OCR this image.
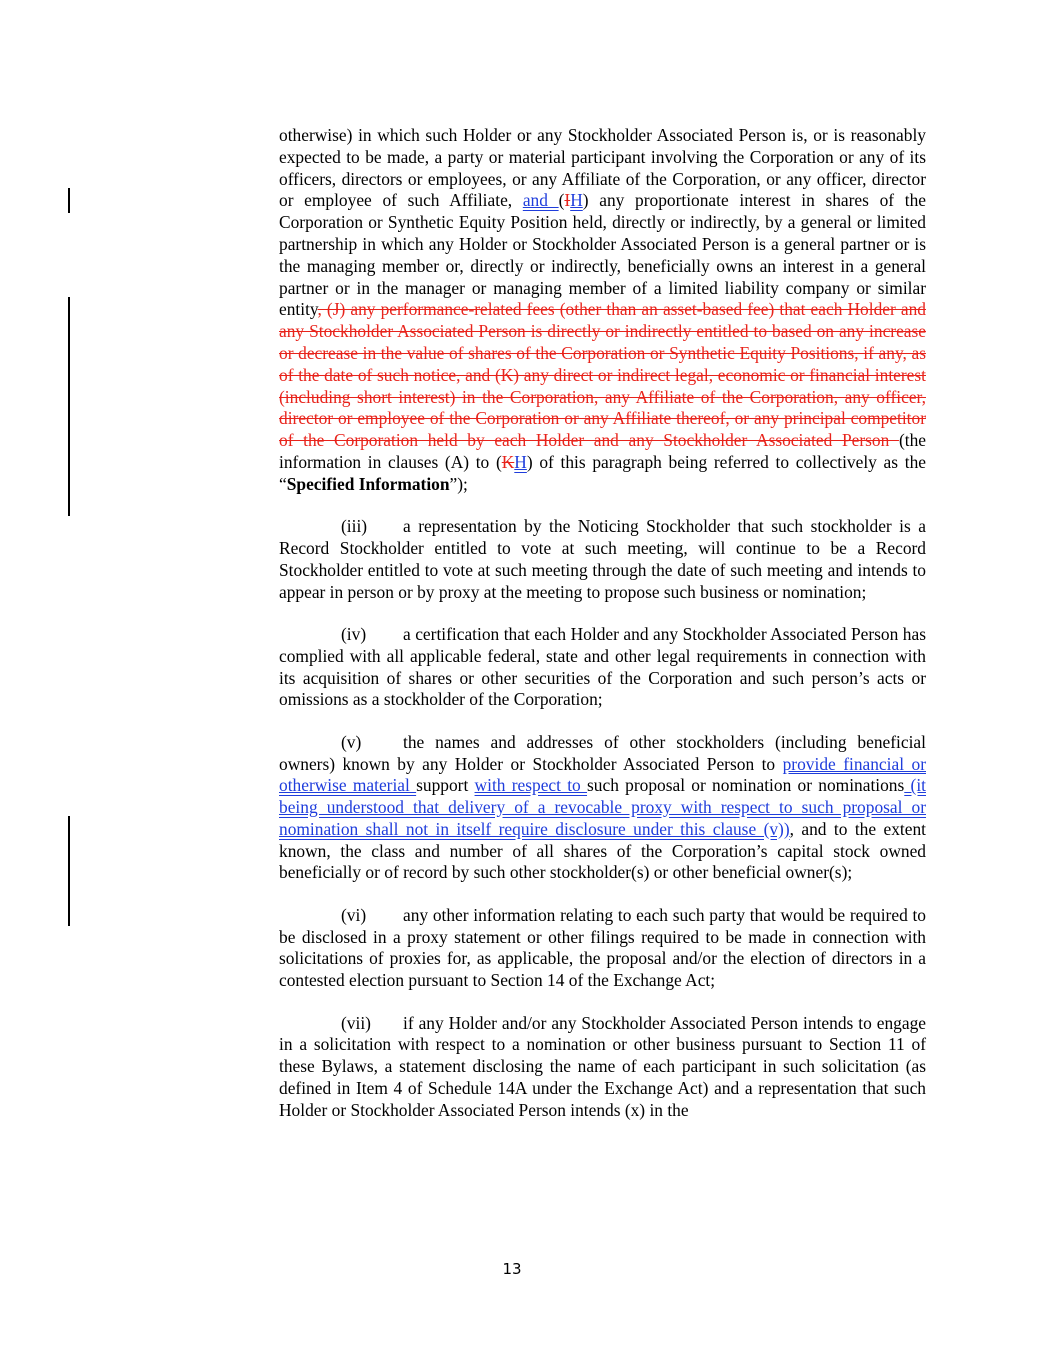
otherwise) in which such Holder or any Stockholder Associated Person is, or is reasonably expected to be made, a party or material participant involving the Corporation or any of its officers, directors or employees, or any Affiliate of the Corporation, or any officer, director or employee of such Affiliate, and (IH) any proportionate interest in shares of the Corporation or Synthetic Equity Position held, directly or indirectly, by a general or limited partnership in which any Holder or Stockholder Associated Person is a general partner or is the managing member or, directly or indirectly, beneficially owns an interest in a general partner or in the manager or managing member of a limited liability company or similar entity, (J) any performance-related fees (other than an asset-based fee) that each Holder and any Stockholder Associated Person is directly or indirectly entitled to based on any increase or decrease in the value of shares of the Corporation or Synthetic Equity Positions, if any, as of the date of such notice, and (K) any direct or indirect legal, economic or financial interest (including short interest) in the Corporation, any Affiliate of the Corporation, any officer, director or employee of the Corporation or any Affiliate thereof, or any principal competitor of the Corporation held by each Holder and any Stockholder Associated Person (the information in clauses (A) to (KH) of this paragraph being referred to collectively as the “Specified Information”);

(iii) a representation by the Noticing Stockholder that such stockholder is a Record Stockholder entitled to vote at such meeting, will continue to be a Record Stockholder entitled to vote at such meeting through the date of such meeting and intends to appear in person or by proxy at the meeting to propose such business or nomination;

(iv) a certification that each Holder and any Stockholder Associated Person has complied with all applicable federal, state and other legal requirements in connection with its acquisition of shares or other securities of the Corporation and such person’s acts or omissions as a stockholder of the Corporation;

(v) the names and addresses of other stockholders (including beneficial owners) known by any Holder or Stockholder Associated Person to provide financial or otherwise material support with respect to such proposal or nomination or nominations (it being understood that delivery of a revocable proxy with respect to such proposal or nomination shall not in itself require disclosure under this clause (v)), and to the extent known, the class and number of all shares of the Corporation’s capital stock owned beneficially or of record by such other stockholder(s) or other beneficial owner(s);

(vi) any other information relating to each such party that would be required to be disclosed in a proxy statement or other filings required to be made in connection with solicitations of proxies for, as applicable, the proposal and/or the election of directors in a contested election pursuant to Section 14 of the Exchange Act;

(vii) if any Holder and/or any Stockholder Associated Person intends to engage in a solicitation with respect to a nomination or other business pursuant to Section 11 of these Bylaws, a statement disclosing the name of each participant in such solicitation (as defined in Item 4 of Schedule 14A under the Exchange Act) and a representation that such Holder or Stockholder Associated Person intends (x) in the

13
